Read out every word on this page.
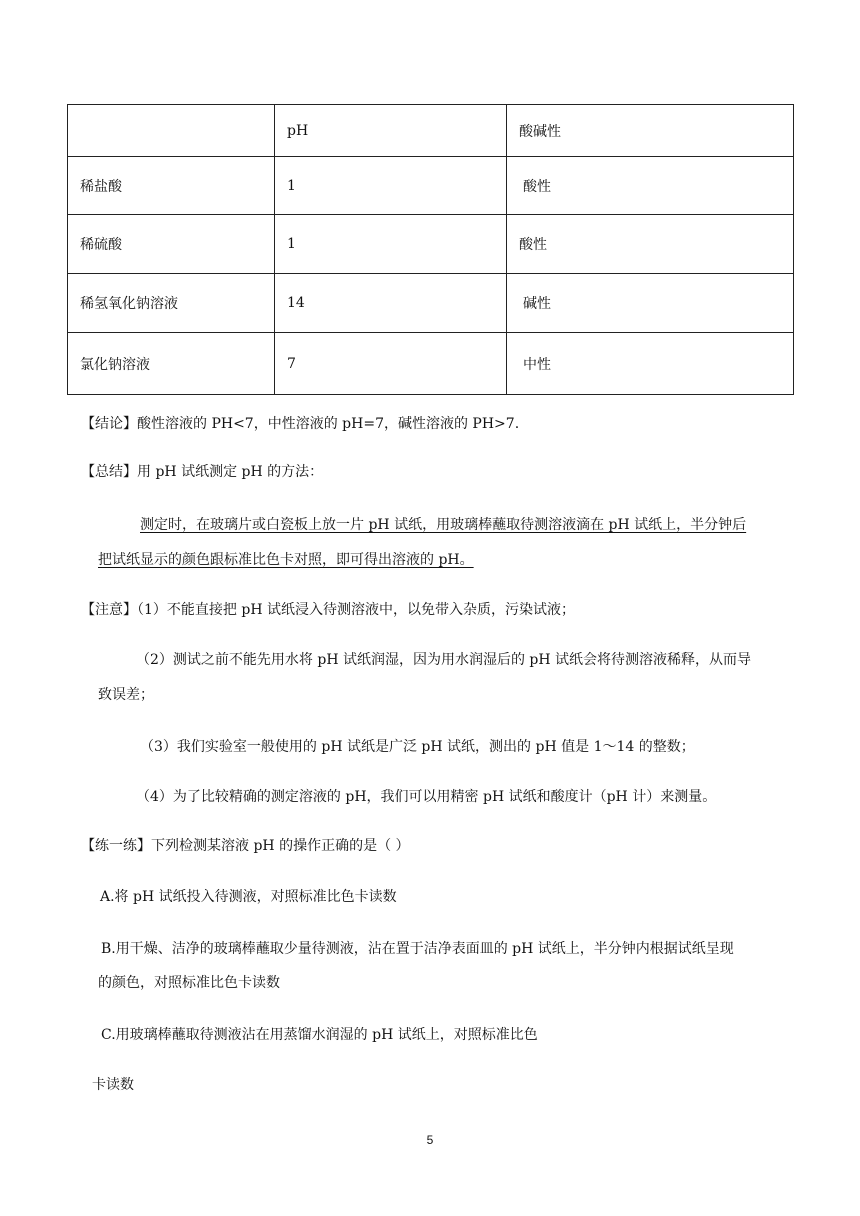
	pH	酸碱性
稀盐酸	1	酸性
稀硫酸	1	酸性
稀氢氧化钠溶液	14	碱性
氯化钠溶液	7	中性
【结论】酸性溶液的 PH<7，中性溶液的 pH=7，碱性溶液的 PH>7.
【总结】用 pH 试纸测定 pH 的方法：
测定时，在玻璃片或白瓷板上放一片 pH 试纸，用玻璃棒蘸取待测溶液滴在 pH 试纸上，半分钟后
把试纸显示的颜色跟标准比色卡对照，即可得出溶液的 pH。
【注意】（1）不能直接把 pH 试纸浸入待测溶液中，以免带入杂质，污染试液；
（2）测试之前不能先用水将 pH 试纸润湿，因为用水润湿后的 pH 试纸会将待测溶液稀释，从而导
致误差；
（3）我们实验室一般使用的 pH 试纸是广泛 pH 试纸，测出的 pH 值是 1～14 的整数；
（4）为了比较精确的测定溶液的 pH，我们可以用精密 pH 试纸和酸度计（pH 计）来测量。
【练一练】下列检测某溶液 pH 的操作正确的是（ ）
A.将 pH 试纸投入待测液，对照标准比色卡读数
B.用干燥、洁净的玻璃棒蘸取少量待测液，沾在置于洁净表面皿的 pH 试纸上，半分钟内根据试纸呈现
的颜色，对照标准比色卡读数
C.用玻璃棒蘸取待测液沾在用蒸馏水润湿的 pH 试纸上，对照标准比色
卡读数
5
